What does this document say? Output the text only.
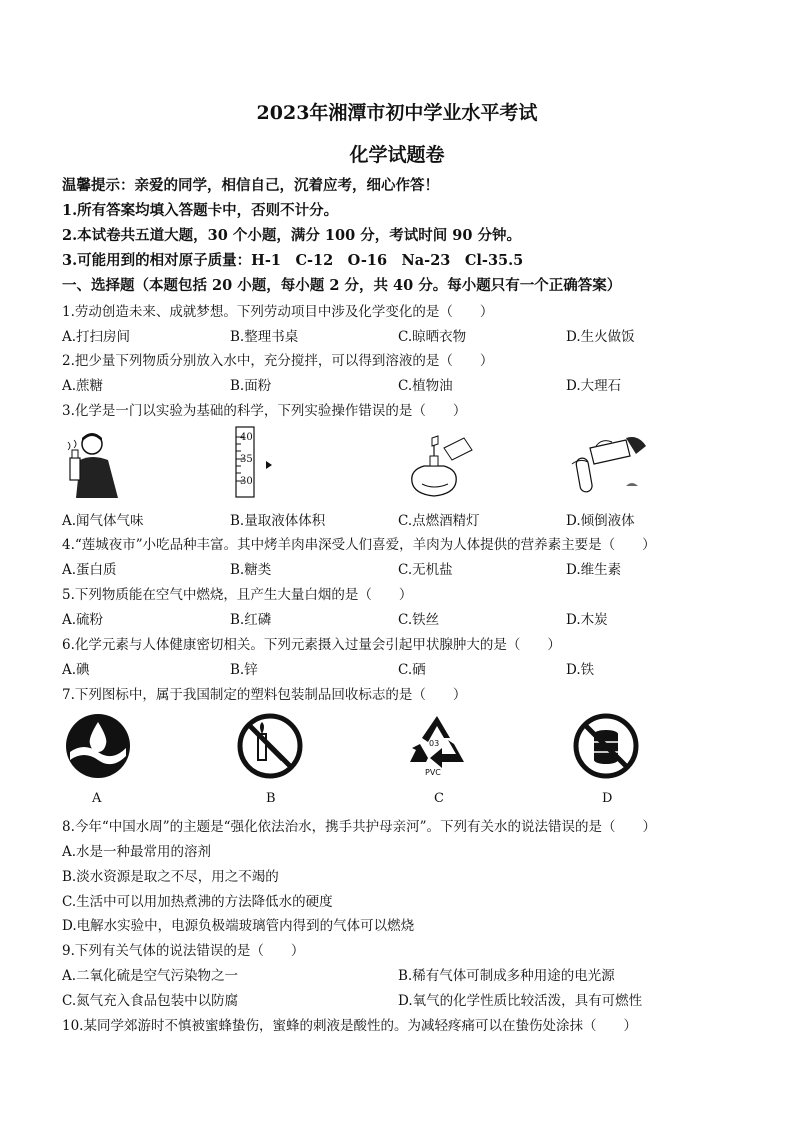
2023年湘潭市初中学业水平考试
化学试题卷
温馨提示：亲爱的同学，相信自己，沉着应考，细心作答！
1.所有答案均填入答题卡中，否则不计分。
2.本试卷共五道大题，30 个小题，满分 100 分，考试时间 90 分钟。
3.可能用到的相对原子质量：H-1　C-12　O-16　Na-23　Cl-35.5
一、选择题（本题包括 20 小题，每小题 2 分，共 40 分。每小题只有一个正确答案）
1.劳动创造未来、成就梦想。下列劳动项目中涉及化学变化的是（　　）
A.打扫房间	B.整理书桌	C.晾晒衣物	D.生火做饭
2.把少量下列物质分别放入水中，充分搅拌，可以得到溶液的是（　　）
A.蔗糖	B.面粉	C.植物油	D.大理石
3.化学是一门以实验为基础的科学，下列实验操作错误的是（　　）
40
35
30
A.闻气体气味	B.量取液体体积	C.点燃酒精灯	D.倾倒液体
4.“莲城夜市”小吃品种丰富。其中烤羊肉串深受人们喜爱，羊肉为人体提供的营养素主要是（　　）
A.蛋白质	B.糖类	C.无机盐	D.维生素
5.下列物质能在空气中燃烧，且产生大量白烟的是（　　）
A.硫粉	B.红磷	C.铁丝	D.木炭
6.化学元素与人体健康密切相关。下列元素摄入过量会引起甲状腺肿大的是（　　）
A.碘	B.锌	C.硒	D.铁
7.下列图标中，属于我国制定的塑料包装制品回收标志的是（　　）
03
PVC
A	B	C	D
8.今年“中国水周”的主题是“强化依法治水，携手共护母亲河”。下列有关水的说法错误的是（　　）
A.水是一种最常用的溶剂
B.淡水资源是取之不尽，用之不竭的
C.生活中可以用加热煮沸的方法降低水的硬度
D.电解水实验中，电源负极端玻璃管内得到的气体可以燃烧
9.下列有关气体的说法错误的是（　　）
A.二氧化硫是空气污染物之一	B.稀有气体可制成多种用途的电光源
C.氮气充入食品包装中以防腐	D.氧气的化学性质比较活泼，具有可燃性
10.某同学郊游时不慎被蜜蜂蛰伤，蜜蜂的刺液是酸性的。为减轻疼痛可以在蛰伤处涂抹（　　）
